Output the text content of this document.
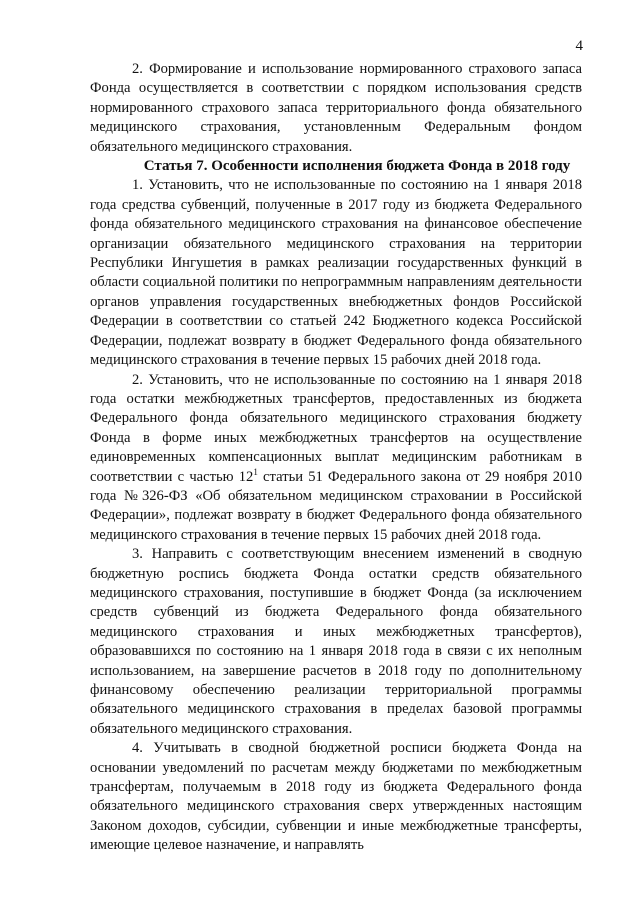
4

2. Формирование и использование нормированного страхового запаса Фонда осуществляется в соответствии с порядком использования средств нормированного страхового запаса территориального фонда обязательного медицинского страхования, установленным Федеральным фондом обязательного медицинского страхования.

Статья 7. Особенности исполнения бюджета Фонда в 2018 году

1. Установить, что не использованные по состоянию на 1 января 2018 года средства субвенций, полученные в 2017 году из бюджета Федерального фонда обязательного медицинского страхования на финансовое обеспечение организации обязательного медицинского страхования на территории Республики Ингушетия в рамках реализации государственных функций в области социальной политики по непрограммным направлениям деятельности органов управления государственных внебюджетных фондов Российской Федерации в соответствии со статьей 242 Бюджетного кодекса Российской Федерации, подлежат возврату в бюджет Федерального фонда обязательного медицинского страхования в течение первых 15 рабочих дней 2018 года.

2. Установить, что не использованные по состоянию на 1 января 2018 года остатки межбюджетных трансфертов, предоставленных из бюджета Федерального фонда обязательного медицинского страхования бюджету Фонда в форме иных межбюджетных трансфертов на осуществление единовременных компенсационных выплат медицинским работникам в соответствии с частью $12^1$ статьи 51 Федерального закона от 29 ноября 2010 года №326-ФЗ «Об обязательном медицинском страховании в Российской Федерации», подлежат возврату в бюджет Федерального фонда обязательного медицинского страхования в течение первых 15 рабочих дней 2018 года.

3. Направить с соответствующим внесением изменений в сводную бюджетную роспись бюджета Фонда остатки средств обязательного медицинского страхования, поступившие в бюджет Фонда (за исключением средств субвенций из бюджета Федерального фонда обязательного медицинского страхования и иных межбюджетных трансфертов), образовавшихся по состоянию на 1 января 2018 года в связи с их неполным использованием, на завершение расчетов в 2018 году по дополнительному финансовому обеспечению реализации территориальной программы обязательного медицинского страхования в пределах базовой программы обязательного медицинского страхования.

4. Учитывать в сводной бюджетной росписи бюджета Фонда на основании уведомлений по расчетам между бюджетами по межбюджетным трансфертам, получаемым в 2018 году из бюджета Федерального фонда обязательного медицинского страхования сверх утвержденных настоящим Законом доходов, субсидии, субвенции и иные межбюджетные трансферты, имеющие целевое назначение, и направлять
